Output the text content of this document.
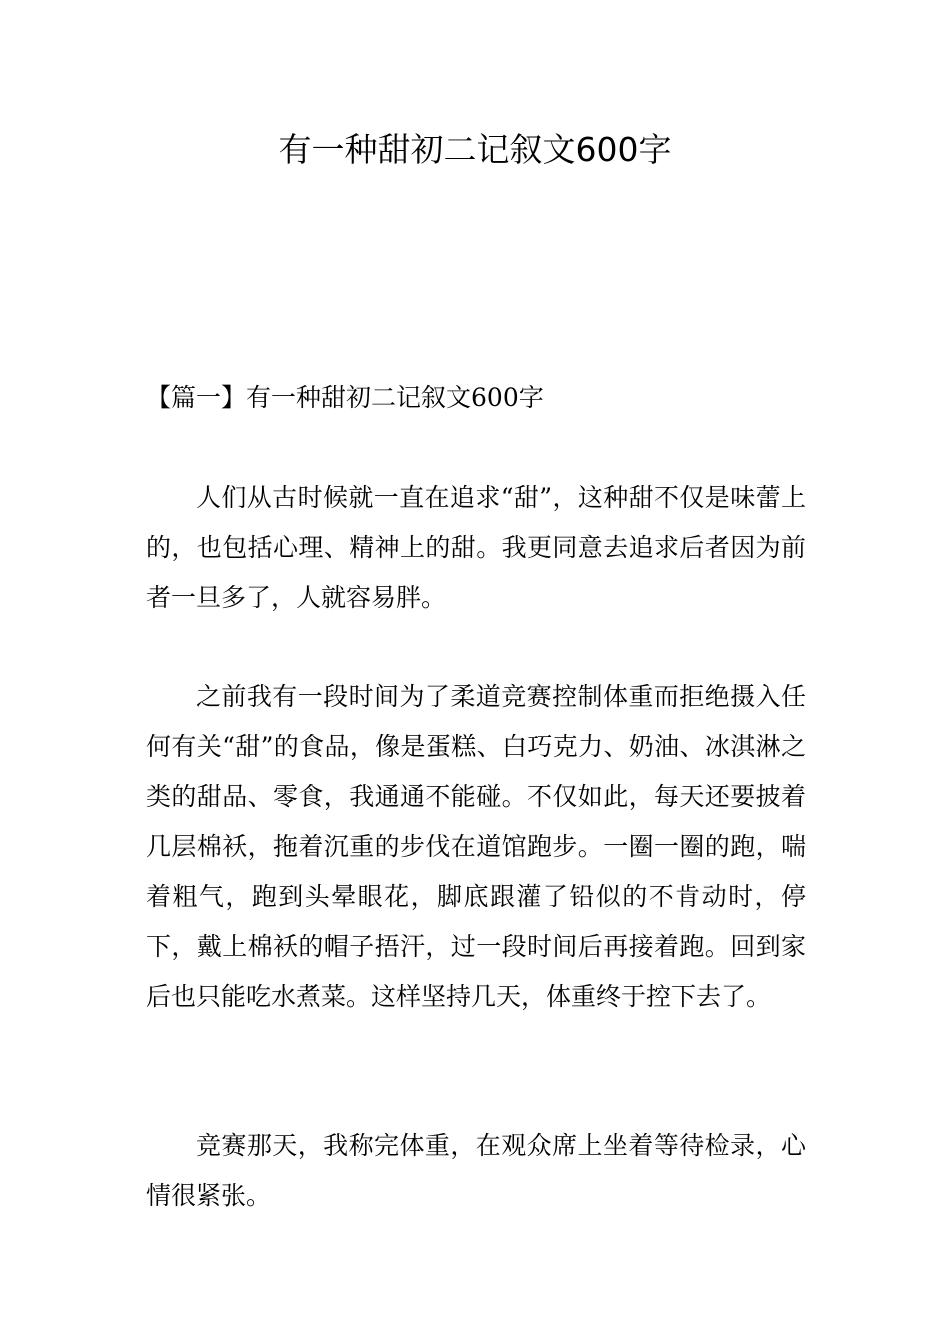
有一种甜初二记叙文600字

【篇一】有一种甜初二记叙文600字

人们从古时候就一直在追求“甜”，这种甜不仅是味蕾上的，也包括心理、精神上的甜。我更同意去追求后者因为前者一旦多了，人就容易胖。

之前我有一段时间为了柔道竞赛控制体重而拒绝摄入任何有关“甜”的食品，像是蛋糕、白巧克力、奶油、冰淇淋之类的甜品、零食，我通通不能碰。不仅如此，每天还要披着几层棉袄，拖着沉重的步伐在道馆跑步。一圈一圈的跑，喘着粗气，跑到头晕眼花，脚底跟灌了铅似的不肯动时，停下，戴上棉袄的帽子捂汗，过一段时间后再接着跑。回到家后也只能吃水煮菜。这样坚持几天，体重终于控下去了。

竞赛那天，我称完体重，在观众席上坐着等待检录，心情很紧张。
